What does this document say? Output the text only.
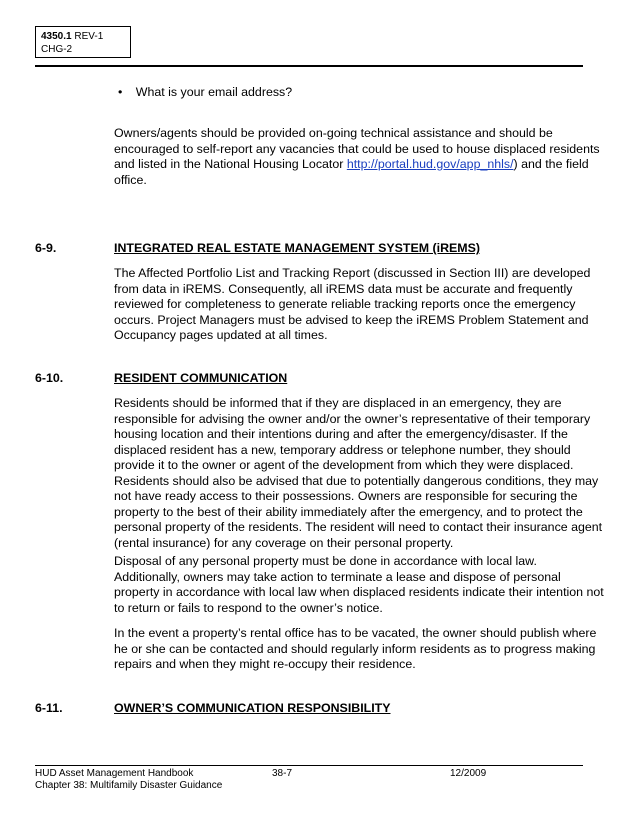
4350.1 REV-1
CHG-2
• What is your email address?
Owners/agents should be provided on-going technical assistance and should be encouraged to self-report any vacancies that could be used to house displaced residents and listed in the National Housing Locator http://portal.hud.gov/app_nhls/) and the field office.
6-9.	INTEGRATED REAL ESTATE MANAGEMENT SYSTEM (iREMS)
The Affected Portfolio List and Tracking Report (discussed in Section III) are developed from data in iREMS. Consequently, all iREMS data must be accurate and frequently reviewed for completeness to generate reliable tracking reports once the emergency occurs. Project Managers must be advised to keep the iREMS Problem Statement and Occupancy pages updated at all times.
6-10.	RESIDENT COMMUNICATION
Residents should be informed that if they are displaced in an emergency, they are responsible for advising the owner and/or the owner’s representative of their temporary housing location and their intentions during and after the emergency/disaster. If the displaced resident has a new, temporary address or telephone number, they should provide it to the owner or agent of the development from which they were displaced. Residents should also be advised that due to potentially dangerous conditions, they may not have ready access to their possessions. Owners are responsible for securing the property to the best of their ability immediately after the emergency, and to protect the personal property of the residents. The resident will need to contact their insurance agent (rental insurance) for any coverage on their personal property.
Disposal of any personal property must be done in accordance with local law. Additionally, owners may take action to terminate a lease and dispose of personal property in accordance with local law when displaced residents indicate their intention not to return or fails to respond to the owner’s notice.
In the event a property’s rental office has to be vacated, the owner should publish where he or she can be contacted and should regularly inform residents as to progress making repairs and when they might re-occupy their residence.
6-11.	OWNER’S COMMUNICATION RESPONSIBILITY
HUD Asset Management Handbook	38-7	12/2009
Chapter 38: Multifamily Disaster Guidance
